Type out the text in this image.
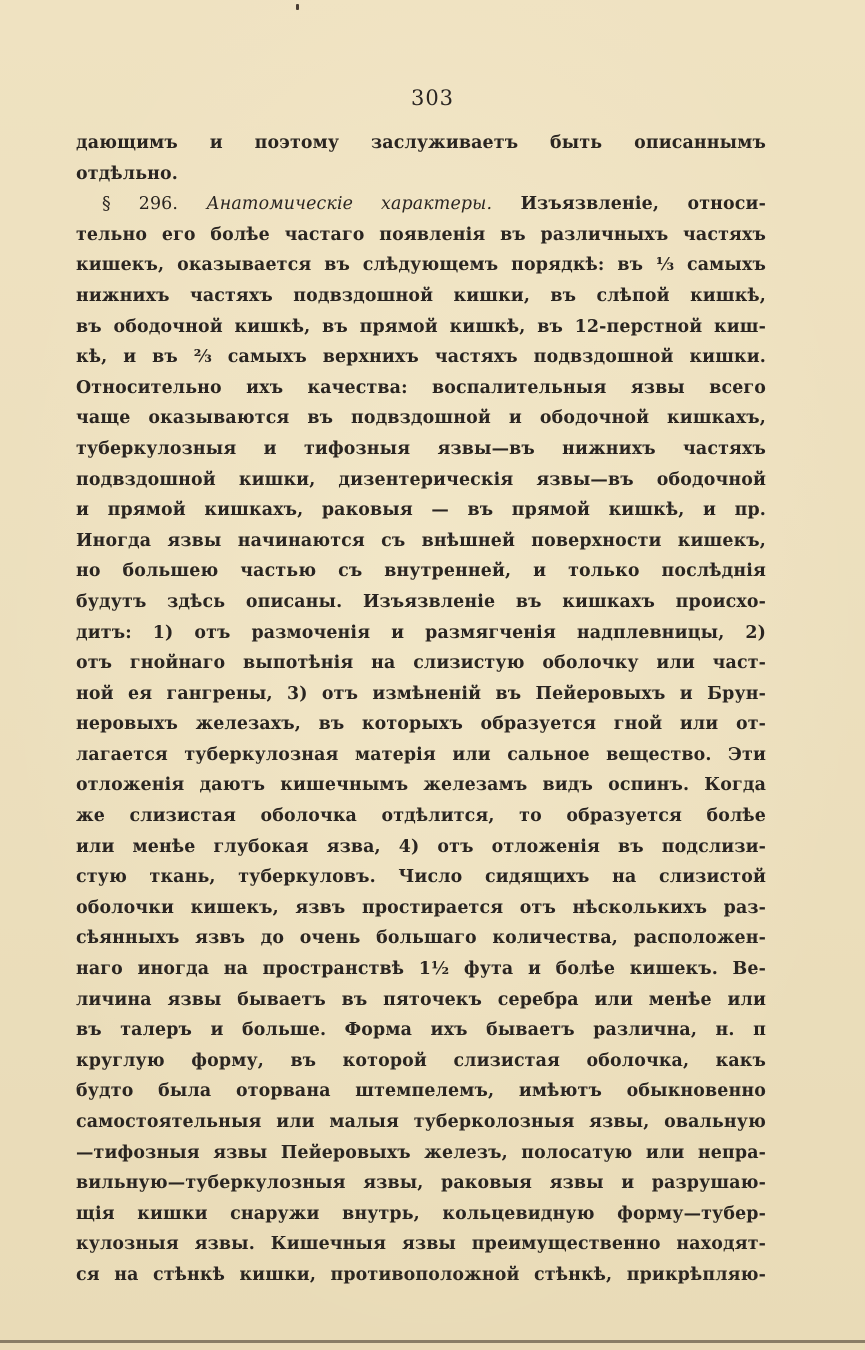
303
дающимъ и поэтому заслуживаетъ быть описаннымъ
отдѣльно.
§ 296. Анатомическіе характеры. Изъязвленіе, относи-
тельно его болѣе частаго появленія въ различныхъ частяхъ
кишекъ, оказывается въ слѣдующемъ порядкѣ: въ ⅓ самыхъ
нижнихъ частяхъ подвздошной кишки, въ слѣпой кишкѣ,
въ ободочной кишкѣ, въ прямой кишкѣ, въ 12-перстной киш-
кѣ, и въ ⅔ самыхъ верхнихъ частяхъ подвздошной кишки.
Относительно ихъ качества: воспалительныя язвы всего
чаще оказываются въ подвздошной и ободочной кишкахъ,
туберкулозныя и тифозныя язвы—въ нижнихъ частяхъ
подвздошной кишки, дизентерическія язвы—въ ободочной
и прямой кишкахъ, раковыя — въ прямой кишкѣ, и пр.
Иногда язвы начинаются съ внѣшней поверхности кишекъ,
но большею частью съ внутренней, и только послѣднія
будутъ здѣсь описаны. Изъязвленіе въ кишкахъ происхо-
дитъ: 1) отъ размоченія и размягченія надплевницы, 2)
отъ гнойнаго выпотѣнія на слизистую оболочку или част-
ной ея гангрены, 3) отъ измѣненій въ Пейеровыхъ и Брун-
неровыхъ железахъ, въ которыхъ образуется гной или от-
лагается туберкулозная матерія или сальное вещество. Эти
отложенія даютъ кишечнымъ железамъ видъ оспинъ. Когда
же слизистая оболочка отдѣлится, то образуется болѣе
или менѣе глубокая язва, 4) отъ отложенія въ подслизи-
стую ткань, туберкуловъ. Число сидящихъ на слизистой
оболочки кишекъ, язвъ простирается отъ нѣсколькихъ раз-
сѣянныхъ язвъ до очень большаго количества, расположен-
наго иногда на пространствѣ 1½ фута и болѣе кишекъ. Ве-
личина язвы бываетъ въ пяточекъ серебра или менѣе или
въ талеръ и больше. Форма ихъ бываетъ различна, н. п
круглую форму, въ которой слизистая оболочка, какъ
будто была оторвана штемпелемъ, имѣютъ обыкновенно
самостоятельныя или малыя туберколозныя язвы, овальную
—тифозныя язвы Пейеровыхъ железъ, полосатую или непра-
вильную—туберкулозныя язвы, раковыя язвы и разрушаю-
щія кишки снаружи внутрь, кольцевидную форму—тубер-
кулозныя язвы. Кишечныя язвы преимущественно находят-
ся на стѣнкѣ кишки, противоположной стѣнкѣ, прикрѣпляю-
